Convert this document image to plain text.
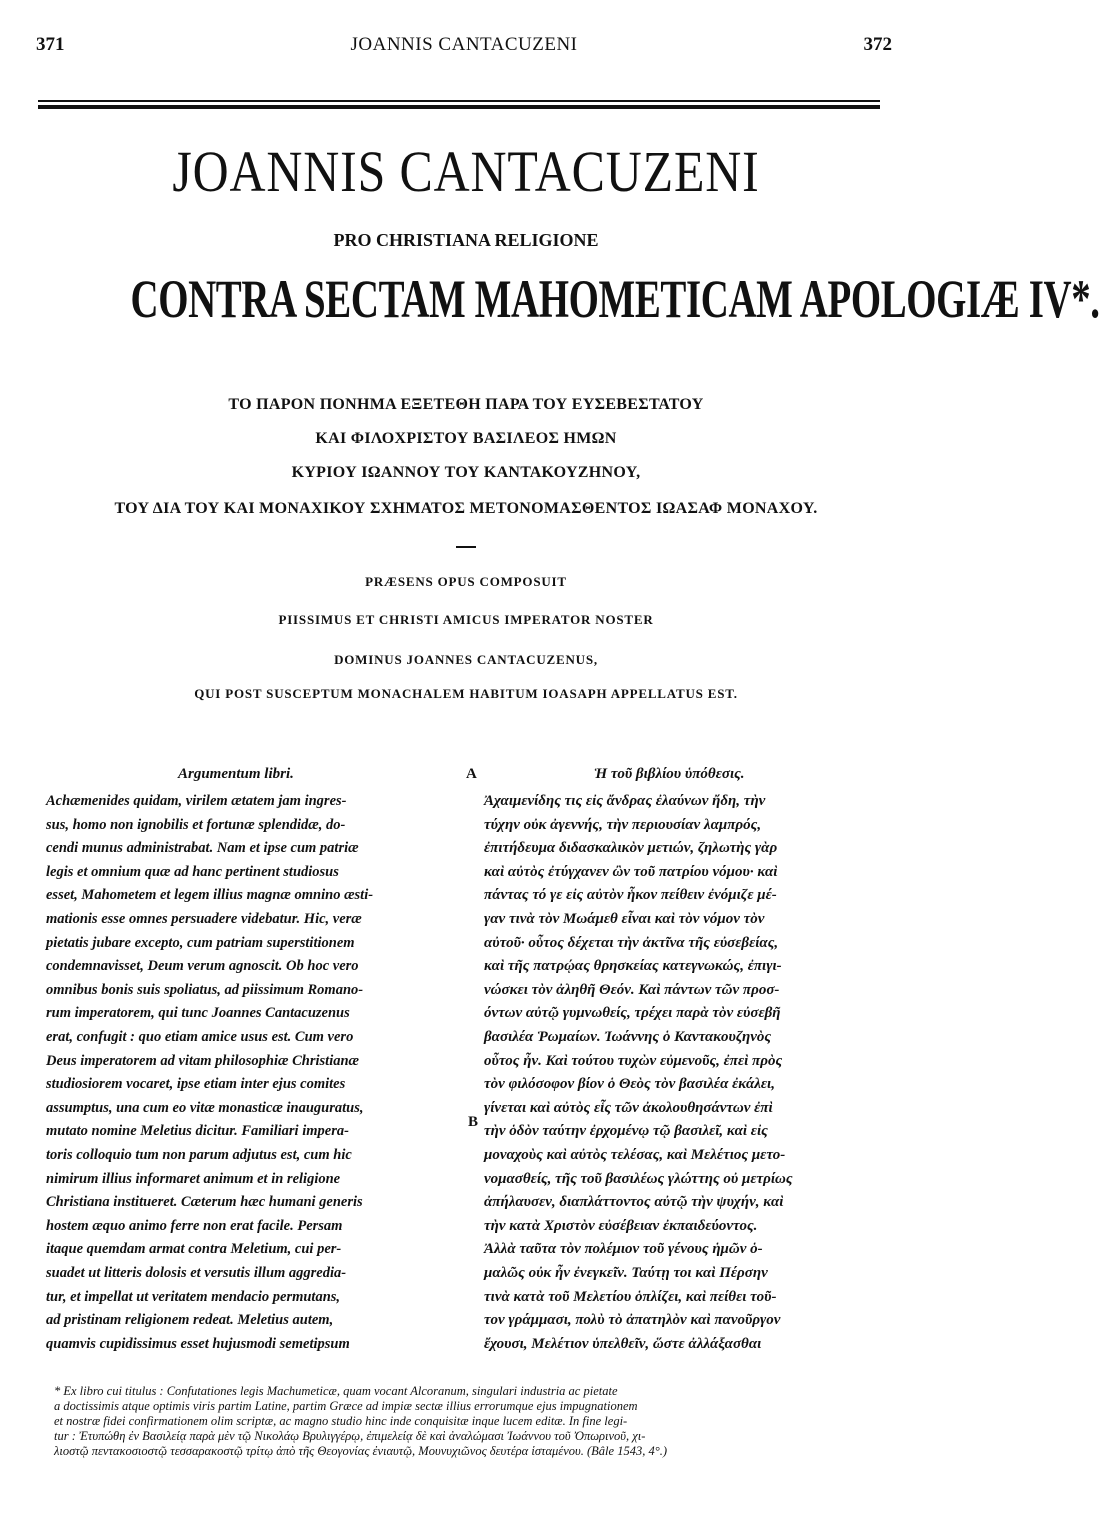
371	JOANNIS CANTACUZENI	372
JOANNIS CANTACUZENI
PRO CHRISTIANA RELIGIONE
CONTRA SECTAM MAHOMETICAM APOLOGIÆ IV*.
ΤΟ ΠΑΡΟΝ ΠΟΝΗΜΑ ΕΞΕΤΕΘΗ ΠΑΡΑ ΤΟΥ ΕΥΣΕΒΕΣΤΑΤΟΥ
ΚΑΙ ΦΙΛΟΧΡΙΣΤΟΥ ΒΑΣΙΛΕΟΣ ΗΜΩΝ
ΚΥΡΙΟΥ ΙΩΑΝΝΟΥ ΤΟΥ ΚΑΝΤΑΚΟΥΖΗΝΟΥ,
ΤΟΥ ΔΙΑ ΤΟΥ ΚΑΙ ΜΟΝΑΧΙΚΟΥ ΣΧΗΜΑΤΟΣ ΜΕΤΟΝΟΜΑΣΘΕΝΤΟΣ ΙΩΑΣΑΦ ΜΟΝΑΧΟΥ.
PRÆSENS OPUS COMPOSUIT
PIISSIMUS ET CHRISTI AMICUS IMPERATOR NOSTER
DOMINUS JOANNES CANTACUZENUS,
QUI POST SUSCEPTUM MONACHALEM HABITUM IOASAPH APPELLATUS EST.
Argumentum libri.	Ἡ τοῦ βιβλίου ὑπόθεσις.
A
B
Achæmenides quidam, virilem ætatem jam ingres-
sus, homo non ignobilis et fortunæ splendidæ, do-
cendi munus administrabat. Nam et ipse cum patriæ
legis et omnium quæ ad hanc pertinent studiosus
esset, Mahometem et legem illius magnæ omnino æsti-
mationis esse omnes persuadere videbatur. Hic, veræ
pietatis jubare excepto, cum patriam superstitionem
condemnavisset, Deum verum agnoscit. Ob hoc vero
omnibus bonis suis spoliatus, ad piissimum Romano-
rum imperatorem, qui tunc Joannes Cantacuzenus
erat, confugit : quo etiam amice usus est. Cum vero
Deus imperatorem ad vitam philosophiæ Christianæ
studiosiorem vocaret, ipse etiam inter ejus comites
assumptus, una cum eo vitæ monasticæ inauguratus,
mutato nomine Meletius dicitur. Familiari impera-
toris colloquio tum non parum adjutus est, cum hic
nimirum illius informaret animum et in religione
Christiana institueret. Cæterum hæc humani generis
hostem æquo animo ferre non erat facile. Persam
itaque quemdam armat contra Meletium, cui per-
suadet ut litteris dolosis et versutis illum aggredia-
tur, et impellat ut veritatem mendacio permutans,
ad pristinam religionem redeat. Meletius autem,
quamvis cupidissimus esset hujusmodi semetipsum
Ἀχαιμενίδης τις εἰς ἄνδρας ἐλαύνων ἤδη, τὴν
τύχην οὐκ ἀγεννής, τὴν περιουσίαν λαμπρός,
ἐπιτήδευμα διδασκαλικὸν μετιών, ζηλωτὴς γὰρ
καὶ αὐτὸς ἐτύγχανεν ὢν τοῦ πατρίου νόμου· καὶ
πάντας τό γε εἰς αὐτὸν ἧκον πείθειν ἐνόμιζε μέ-
γαν τινὰ τὸν Μωάμεθ εἶναι καὶ τὸν νόμον τὸν
αὐτοῦ· οὗτος δέχεται τὴν ἀκτῖνα τῆς εὐσεβείας,
καὶ τῆς πατρῴας θρησκείας κατεγνωκώς, ἐπιγι-
νώσκει τὸν ἀληθῆ Θεόν. Καὶ πάντων τῶν προσ-
όντων αὐτῷ γυμνωθείς, τρέχει παρὰ τὸν εὐσεβῆ
βασιλέα Ῥωμαίων. Ἰωάννης ὁ Καντακουζηνὸς
οὗτος ἦν. Καὶ τούτου τυχὼν εὐμενοῦς, ἐπεὶ πρὸς
τὸν φιλόσοφον βίον ὁ Θεὸς τὸν βασιλέα ἐκάλει,
γίνεται καὶ αὐτὸς εἷς τῶν ἀκολουθησάντων ἐπὶ
τὴν ὁδὸν ταύτην ἐρχομένῳ τῷ βασιλεῖ, καὶ εἰς
μοναχοὺς καὶ αὐτὸς τελέσας, καὶ Μελέτιος μετο-
νομασθείς, τῆς τοῦ βασιλέως γλώττης οὐ μετρίως
ἀπήλαυσεν, διαπλάττοντος αὐτῷ τὴν ψυχήν, καὶ
τὴν κατὰ Χριστὸν εὐσέβειαν ἐκπαιδεύοντος.
Ἀλλὰ ταῦτα τὸν πολέμιον τοῦ γένους ἡμῶν ὁ-
μαλῶς οὐκ ἦν ἐνεγκεῖν. Ταύτῃ τοι καὶ Πέρσην
τινὰ κατὰ τοῦ Μελετίου ὁπλίζει, καὶ πείθει τοῦ-
τον γράμμασι, πολὺ τὸ ἀπατηλὸν καὶ πανοῦργον
ἔχουσι, Μελέτιον ὑπελθεῖν, ὥστε ἀλλάξασθαι
* Ex libro cui titulus : Confutationes legis Machumeticæ, quam vocant Alcoranum, singulari industria ac pietate
a doctissimis atque optimis viris partim Latine, partim Græce ad impiæ sectæ illius errorumque ejus impugnationem
et nostræ fidei confirmationem olim scriptæ, ac magno studio hinc inde conquisitæ inque lucem editæ. In fine legi-
tur : Ἐτυπώθη ἐν Βασιλείᾳ παρὰ μὲν τῷ Νικολάῳ Βρυλιγγέρῳ, ἐπιμελείᾳ δὲ καὶ ἀναλώμασι Ἰωάννου τοῦ Ὀπωρινοῦ, χι-
λιοστῷ πεντακοσιοστῷ τεσσαρακοστῷ τρίτῳ ἀπὸ τῆς Θεογονίας ἐνιαυτῷ, Μουνυχιῶνος δευτέρα ἱσταμένου. (Bâle 1543, 4°.)
